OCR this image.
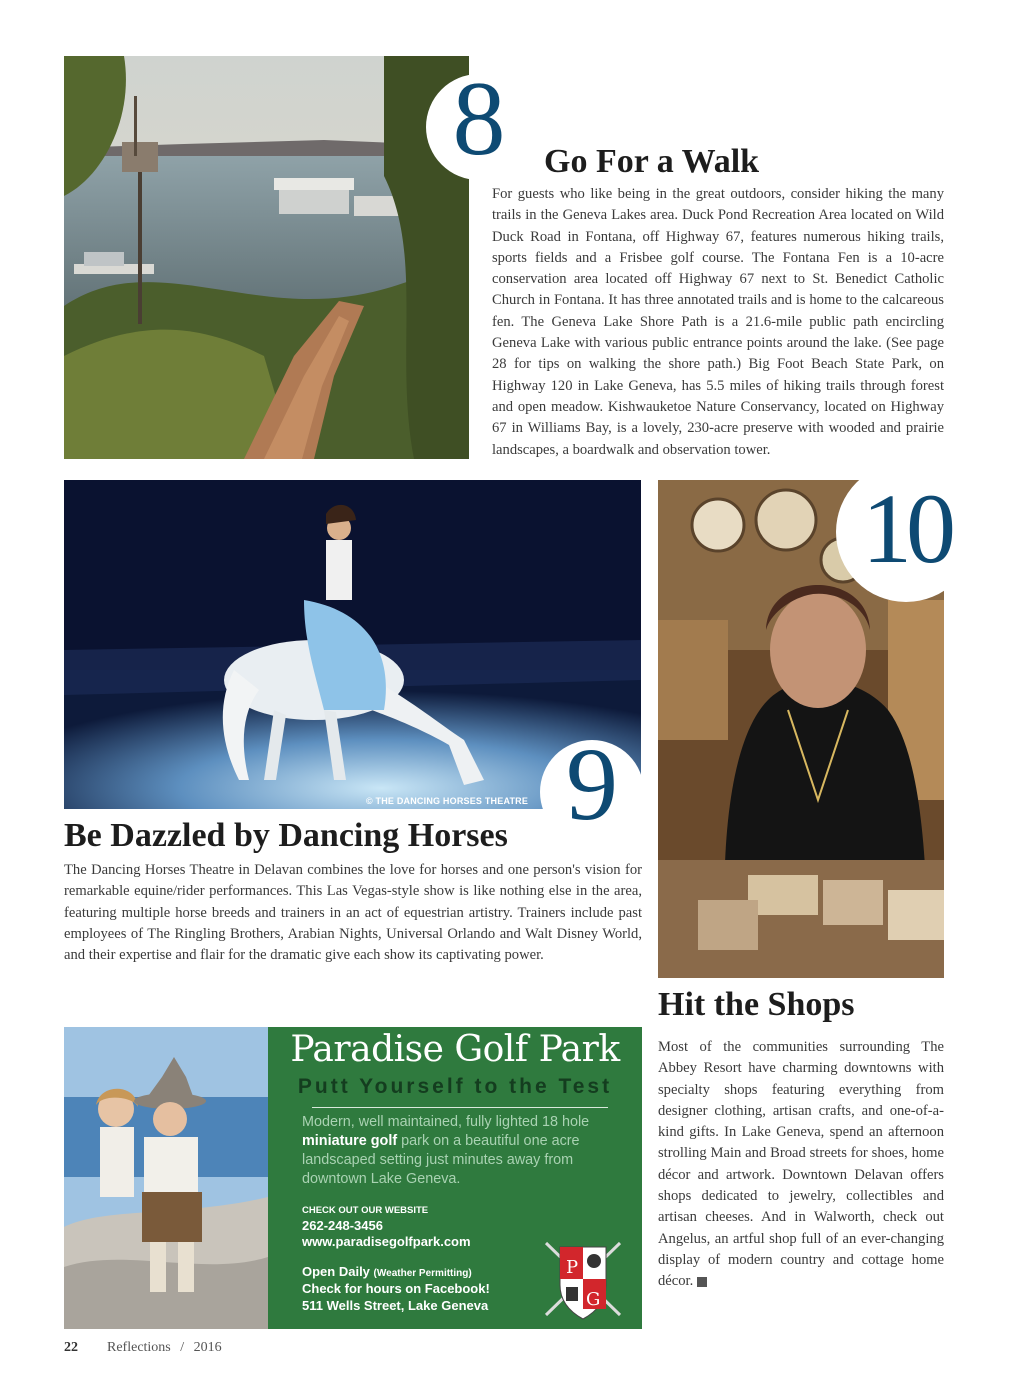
8 Go For a Walk
For guests who like being in the great outdoors, consider hiking the many trails in the Geneva Lakes area. Duck Pond Recreation Area located on Wild Duck Road in Fontana, off Highway 67, features numerous hiking trails, sports fields and a Frisbee golf course. The Fontana Fen is a 10-acre conservation area located off Highway 67 next to St. Benedict Catholic Church in Fontana. It has three annotated trails and is home to the calcareous fen. The Geneva Lake Shore Path is a 21.6-mile public path encircling Geneva Lake with various public entrance points around the lake. (See page 28 for tips on walking the shore path.) Big Foot Beach State Park, on Highway 120 in Lake Geneva, has 5.5 miles of hiking trails through forest and open meadow. Kishwauketoe Nature Conservancy, located on Highway 67 in Williams Bay, is a lovely, 230-acre preserve with wooded and prairie landscapes, a boardwalk and observation tower.
© THE DANCING HORSES THEATRE 9
Be Dazzled by Dancing Horses
The Dancing Horses Theatre in Delavan combines the love for horses and one person's vision for remarkable equine/rider performances. This Las Vegas-style show is like nothing else in the area, featuring multiple horse breeds and trainers in an act of equestrian artistry. Trainers include past employees of The Ringling Brothers, Arabian Nights, Universal Orlando and Walt Disney World, and their expertise and flair for the dramatic give each show its captivating power.
10
Hit the Shops
Most of the communities surrounding The Abbey Resort have charming downtowns with specialty shops featuring everything from designer clothing, artisan crafts, and one-of-a-kind gifts. In Lake Geneva, spend an afternoon strolling Main and Broad streets for shoes, home décor and artwork. Downtown Delavan offers shops dedicated to jewelry, collectibles and artisan cheeses. And in Walworth, check out Angelus, an artful shop full of an ever-changing display of modern country and cottage home décor.
Paradise Golf Park
Putt Yourself to the Test
Modern, well maintained, fully lighted 18 hole miniature golf park on a beautiful one acre landscaped setting just minutes away from downtown Lake Geneva.
CHECK OUT OUR WEBSITE
262-248-3456
www.paradisegolfpark.com
Open Daily (Weather Permitting)
Check for hours on Facebook!
511 Wells Street, Lake Geneva
P
G
22 Reflections / 2016
